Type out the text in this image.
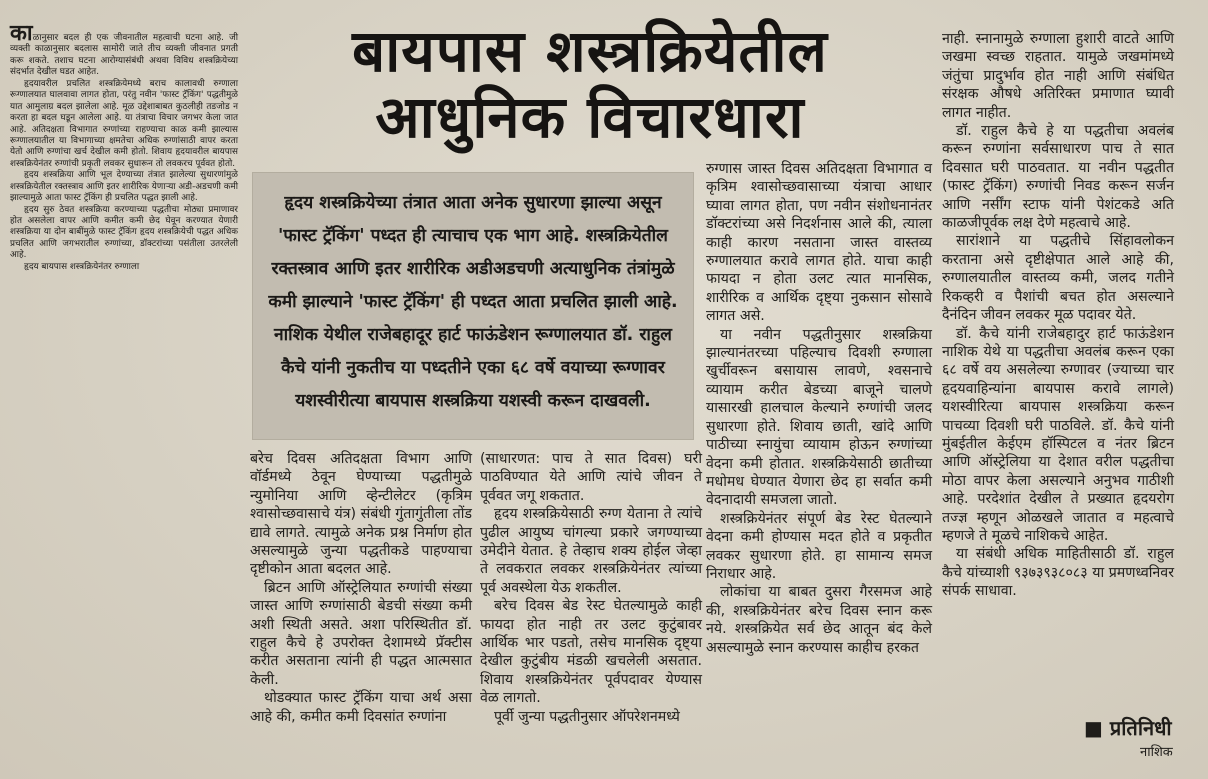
बायपास शस्त्रक्रियेतील
आधुनिक विचारधारा
हृदय शस्त्रक्रियेच्या तंत्रात आता अनेक सुधारणा झाल्या असून 'फास्ट ट्रॅकिंग' पध्दत ही त्याचाच एक भाग आहे. शस्त्रक्रियेतील रक्तस्त्राव आणि इतर शारीरिक अडीअडचणी अत्याधुनिक तंत्रांमुळे कमी झाल्याने 'फास्ट ट्रॅकिंग' ही पध्दत आता प्रचलित झाली आहे. नाशिक येथील राजेबहादूर हार्ट फाऊंडेशन रूग्णालयात डॉ. राहुल कैचे यांनी नुकतीच या पध्दतीने एका ६८ वर्षे वयाच्या रूग्णावर यशस्वीरीत्या बायपास शस्त्रक्रिया यशस्वी करून दाखवली.

काळानुसार बदल ही एक जीवनातील महत्वाची घटना आहे. जी व्यक्ती काळानुसार बदलास सामोरी जाते तीच व्यक्ती जीवनात प्रगती करू शकते. तशाच घटना आरोग्यासंबंधी अथवा विविध शस्त्रक्रियेच्या संदर्भात देखील घडत आहेत.

हृदयावरील प्रचलित शस्त्रक्रियेमध्ये बराच कालावधी रुग्णाला रूग्णालयात घालवावा लागत होता, परंतु नवीन 'फास्ट ट्रॅकिंग' पद्धतीमुळे यात आमुलाग्र बदल झालेला आहे. मूळ उद्देशाबाबत कुठलीही तडजोड न करता हा बदल घडून आलेला आहे. या तंत्राचा विचार जगभर केला जात आहे. अतिदक्षता विभागात रुग्णांच्या राहण्याचा काळ कमी झाल्यास रूग्णालयातील या विभागाच्या क्षमतेचा अधिक रुग्णांसाठी वापर करता येतो आणि रुग्णांचा खर्च देखील कमी होतो. शिवाय हृदयावरील बायपास शस्त्रक्रियेनंतर रुग्णांची प्रकृती लवकर सुधारून तो लवकरच पूर्ववत होतो.

हृदय शस्त्रक्रिया आणि भूल देण्याच्या तंत्रात झालेल्या सुधारणांमुळे शस्त्रक्रियेतील रक्तस्त्राव आणि इतर शारीरिक येणाऱ्या अडी-अडचणी कमी झाल्यामुळे आता फास्ट ट्रॅकिंग ही प्रचलित पद्धत झाली आहे.

हृदय सुरु ठेवत शस्त्रक्रिया करण्याच्या पद्धतीचा मोठ्या प्रमाणावर होत असलेला वापर आणि कमीत कमी छेद घेवून करण्यात येणारी शस्त्रक्रिया या दोन बाबींमुळे फास्ट ट्रॅकिंग हृदय शस्त्रक्रियेची पद्धत अधिक प्रचलित आणि जगभरातील रुग्णांच्या, डॉक्टरांच्या पसंतीला उतरलेली आहे.

हृदय बायपास शस्त्रक्रियेनंतर रुग्णाला

बरेच दिवस अतिदक्षता विभाग आणि वॉर्डमध्ये ठेवून घेण्याच्या पद्धतीमुळे न्युमोनिया आणि व्हेन्टीलेटर (कृत्रिम श्वासोच्छवासाचे यंत्र) संबंधी गुंतागुंतीला तोंड द्यावे लागते. त्यामुळे अनेक प्रश्न निर्माण होत असल्यामुळे जुन्या पद्धतीकडे पाहण्याचा दृष्टीकोन आता बदलत आहे.

ब्रिटन आणि ऑस्ट्रेलियात रुग्णांची संख्या जास्त आणि रुग्णांसाठी बेडची संख्या कमी अशी स्थिती असते. अशा परिस्थितीत डॉ. राहुल कैचे हे उपरोक्त देशामध्ये प्रॅक्टीस करीत असताना त्यांनी ही पद्धत आत्मसात केली.

थोडक्यात फास्ट ट्रॅकिंग याचा अर्थ असा आहे की, कमीत कमी दिवसांत रुग्णांना

(साधारणत: पाच ते सात दिवस) घरी पाठविण्यात येते आणि त्यांचे जीवन ते पूर्ववत जगू शकतात.

हृदय शस्त्रक्रियेसाठी रुग्ण येताना ते त्यांचे पुढील आयुष्य चांगल्या प्रकारे जगण्याच्या उमेदीने येतात. हे तेव्हाच शक्य होईल जेव्हा ते लवकरात लवकर शस्त्रक्रियेनंतर त्यांच्या पूर्व अवस्थेला येऊ शकतील.

बरेच दिवस बेड रेस्ट घेतल्यामुळे काही फायदा होत नाही तर उलट कुटुंबावर आर्थिक भार पडतो, तसेच मानसिक दृष्ट्या देखील कुटुंबीय मंडळी खचलेली असतात. शिवाय शस्त्रक्रियेनंतर पूर्वपदावर येण्यास वेळ लागतो.

पूर्वी जुन्या पद्धतीनुसार ऑपरेशनमध्ये

रुग्णास जास्त दिवस अतिदक्षता विभागात व कृत्रिम श्वासोच्छवासाच्या यंत्राचा आधार घ्यावा लागत होता, पण नवीन संशोधनानंतर डॉक्टरांच्या असे निदर्शनास आले की, त्याला काही कारण नसताना जास्त वास्तव्य रुग्णालयात करावे लागत होते. याचा काही फायदा न होता उलट त्यात मानसिक, शारीरिक व आर्थिक दृष्ट्या नुकसान सोसावे लागत असे.

या नवीन पद्धतीनुसार शस्त्रक्रिया झाल्यानंतरच्या पहिल्याच दिवशी रुग्णाला खुर्चीवरून बसायास लावणे, श्वसनाचे व्यायाम करीत बेडच्या बाजूने चालणे यासारखी हालचाल केल्याने रुग्णांची जलद सुधारणा होते. शिवाय छाती, खांदे आणि पाठीच्या स्नायुंचा व्यायाम होऊन रुग्णांच्या वेदना कमी होतात. शस्त्रक्रियेसाठी छातीच्या मधोमध घेण्यात येणारा छेद हा सर्वात कमी वेदनादायी समजला जातो.

शस्त्रक्रियेनंतर संपूर्ण बेड रेस्ट घेतल्याने वेदना कमी होण्यास मदत होते व प्रकृतीत लवकर सुधारणा होते. हा सामान्य समज निराधार आहे.

लोकांचा या बाबत दुसरा गैरसमज आहे की, शस्त्रक्रियेनंतर बरेच दिवस स्नान करू नये. शस्त्रक्रियेत सर्व छेद आतून बंद केले असल्यामुळे स्नान करण्यास काहीच हरकत

नाही. स्नानामुळे रुग्णाला हुशारी वाटते आणि जखमा स्वच्छ राहतात. यामुळे जखमांमध्ये जंतुंचा प्रादुर्भाव होत नाही आणि संबंधित संरक्षक औषधे अतिरिक्त प्रमाणात घ्यावी लागत नाहीत.

डॉ. राहुल कैचे हे या पद्धतीचा अवलंब करून रुग्णांना सर्वसाधारण पाच ते सात दिवसात घरी पाठवतात. या नवीन पद्धतीत (फास्ट ट्रॅकिंग) रुग्णांची निवड करून सर्जन आणि नर्सींग स्टाफ यांनी पेशंटकडे अति काळजीपूर्वक लक्ष देणे महत्वाचे आहे.

सारांशाने या पद्धतीचे सिंहावलोकन करताना असे दृष्टीक्षेपात आले आहे की, रुग्णालयातील वास्तव्य कमी, जलद गतीने रिकव्हरी व पैशांची बचत होत असल्याने दैनंदिन जीवन लवकर मूळ पदावर येते.

डॉ. कैचे यांनी राजेबहादुर हार्ट फाऊंडेशन नाशिक येथे या पद्धतीचा अवलंब करून एका ६८ वर्षे वय असलेल्या रुग्णावर (ज्याच्या चार हृदयवाहिन्यांना बायपास करावे लागले) यशस्वीरित्या बायपास शस्त्रक्रिया करून पाचव्या दिवशी घरी पाठविले. डॉ. कैचे यांनी मुंबईतील केईएम हॉस्पिटल व नंतर ब्रिटन आणि ऑस्ट्रेलिया या देशात वरील पद्धतीचा मोठा वापर केला असल्याने अनुभव गाठीशी आहे. परदेशांत देखील ते प्रख्यात हृदयरोग तज्ज्ञ म्हणून ओळखले जातात व महत्वाचे म्हणजे ते मूळचे नाशिकचे आहेत.

या संबंधी अधिक माहितीसाठी डॉ. राहुल कैचे यांच्याशी ९३७३९३८०८३ या प्रमणध्वनिवर संपर्क साधावा.

■ प्रतिनिधी
नाशिक
